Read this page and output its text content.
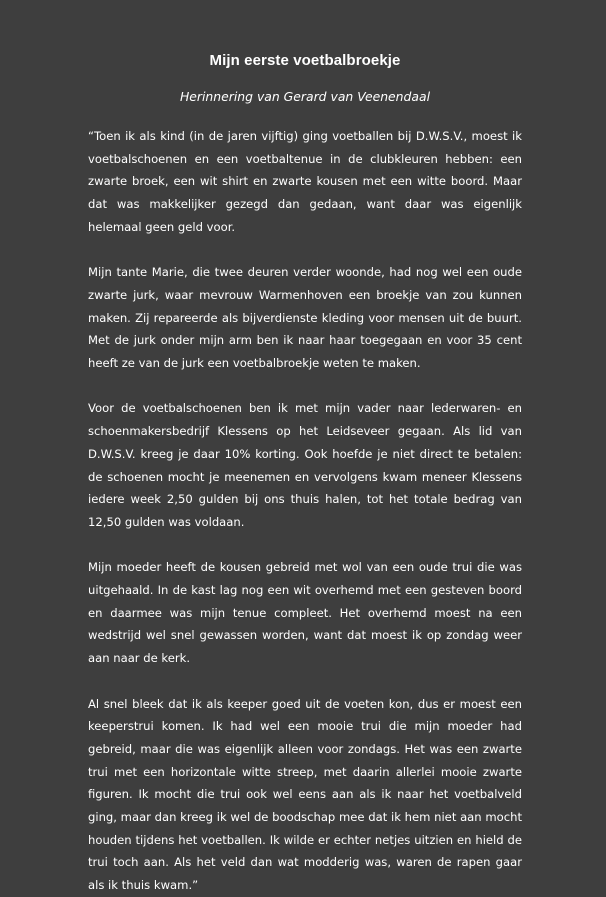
Mijn eerste voetbalbroekje

Herinnering van Gerard van Veenendaal

“Toen ik als kind (in de jaren vijftig) ging voetballen bij D.W.S.V., moest ik voetbalschoenen en een voetbaltenue in de clubkleuren hebben: een zwarte broek, een wit shirt en zwarte kousen met een witte boord. Maar dat was makkelijker gezegd dan gedaan, want daar was eigenlijk helemaal geen geld voor.

Mijn tante Marie, die twee deuren verder woonde, had nog wel een oude zwarte jurk, waar mevrouw Warmenhoven een broekje van zou kunnen maken. Zij repareerde als bijverdienste kleding voor mensen uit de buurt. Met de jurk onder mijn arm ben ik naar haar toegegaan en voor 35 cent heeft ze van de jurk een voetbalbroekje weten te maken.

Voor de voetbalschoenen ben ik met mijn vader naar lederwaren- en schoenmakersbedrijf Klessens op het Leidseveer gegaan. Als lid van D.W.S.V. kreeg je daar 10% korting. Ook hoefde je niet direct te betalen: de schoenen mocht je meenemen en vervolgens kwam meneer Klessens iedere week 2,50 gulden bij ons thuis halen, tot het totale bedrag van 12,50 gulden was voldaan.

Mijn moeder heeft de kousen gebreid met wol van een oude trui die was uitgehaald. In de kast lag nog een wit overhemd met een gesteven boord en daarmee was mijn tenue compleet. Het overhemd moest na een wedstrijd wel snel gewassen worden, want dat moest ik op zondag weer aan naar de kerk.

Al snel bleek dat ik als keeper goed uit de voeten kon, dus er moest een keeperstrui komen. Ik had wel een mooie trui die mijn moeder had gebreid, maar die was eigenlijk alleen voor zondags. Het was een zwarte trui met een horizontale witte streep, met daarin allerlei mooie zwarte figuren. Ik mocht die trui ook wel eens aan als ik naar het voetbalveld ging, maar dan kreeg ik wel de boodschap mee dat ik hem niet aan mocht houden tijdens het voetballen. Ik wilde er echter netjes uitzien en hield de trui toch aan. Als het veld dan wat modderig was, waren de rapen gaar als ik thuis kwam.”
